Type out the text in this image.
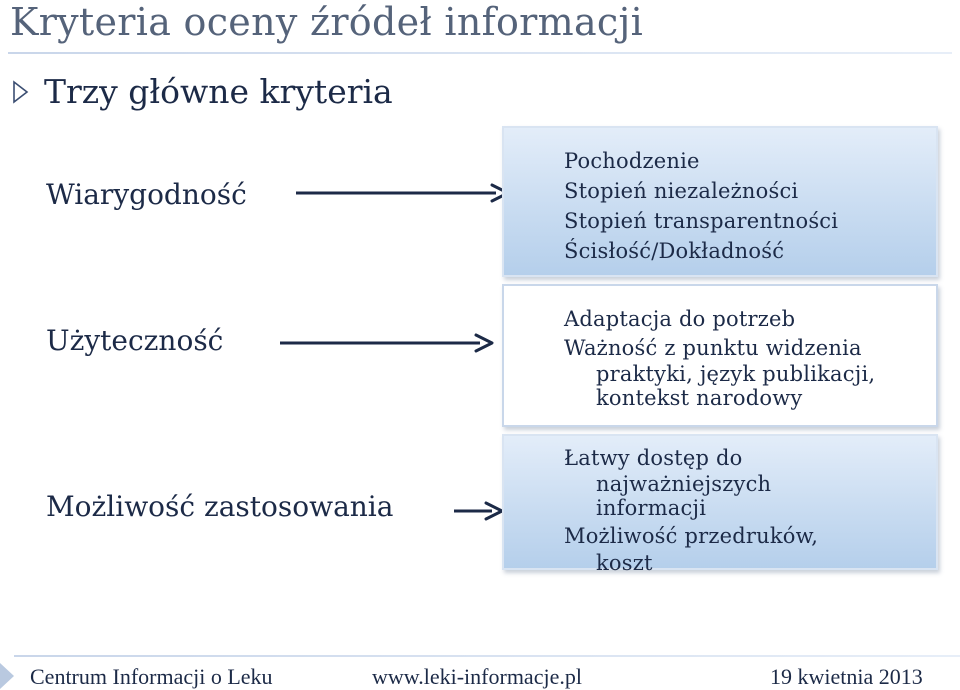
Kryteria oceny źródeł informacji
Trzy główne kryteria
Wiarygodność
Pochodzenie
Stopień niezależności
Stopień transparentności
Ścisłość/Dokładność
Użyteczność
Adaptacja do potrzeb
Ważność z punktu widzenia
praktyki, język publikacji,
kontekst narodowy
Możliwość zastosowania
Łatwy dostęp do
najważniejszych
informacji
Możliwość przedruków,
koszt
Centrum Informacji o Leku	www.leki-informacje.pl	19 kwietnia 2013
